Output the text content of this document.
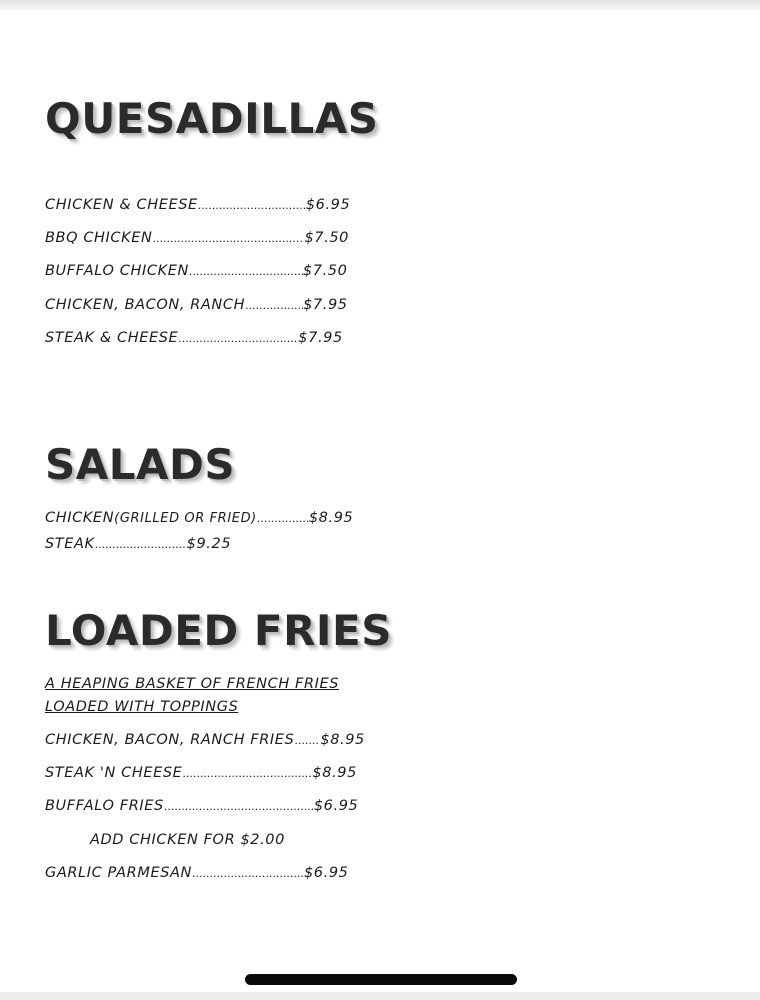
QUESADILLAS
CHICKEN & CHEESE .....	$6.95
BBQ CHICKEN .....	$7.50
BUFFALO CHICKEN .....	$7.50
CHICKEN, BACON, RANCH .....	$7.95
STEAK & CHEESE .....	$7.95
SALADS
CHICKEN(GRILLED OR FRIED) .....	$8.95
STEAK .....	$9.25
LOADED FRIES
A HEAPING BASKET OF FRENCH FRIES
LOADED WITH TOPPINGS
CHICKEN, BACON, RANCH FRIES ..... $8.95
STEAK 'N CHEESE .....	$8.95
BUFFALO FRIES .....	$6.95
ADD CHICKEN FOR $2.00
GARLIC PARMESAN .....	$6.95
